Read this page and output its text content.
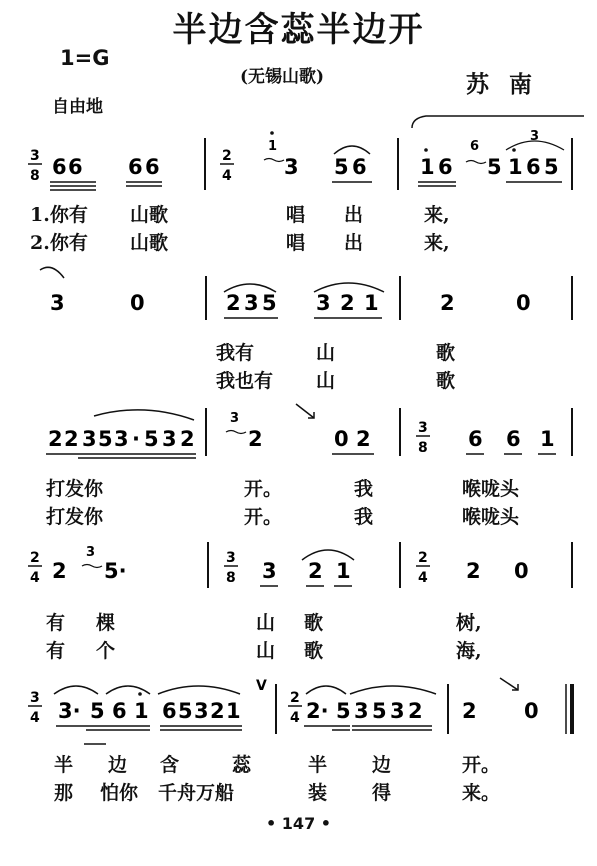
半边含蕊半边开
1=G
(无锡山歌)	苏南
自由地
3
8 6 6 6 6	2
4
1
3 5 6	1 6
6
5
3
1 6 5
3	0	2 3 5 3 2 1	2	0
2 2 3 5 3 · 5 3 2
3
2	0 2	3
8 6 6 1
2
4 2
3
5·
3
8 3 2 1
2
4 2 0
3
4 3· 5 6 1 6 5 3 2 1
V
2
4 2· 5 3 5 3 2 2 0
1.你有 山歌	唱 出	来,
2.你有 山歌	唱 出	来,
我有	山	歌
我也有 山	歌
打发你	开。	我	喉咙头
打发你	开。	我	喉咙头
有 棵	山 歌	树,
有 个	山 歌	海,
半 边 含	蕊	半 边	开。
那 怕你 千舟万船	装 得	来。
• 147 •
